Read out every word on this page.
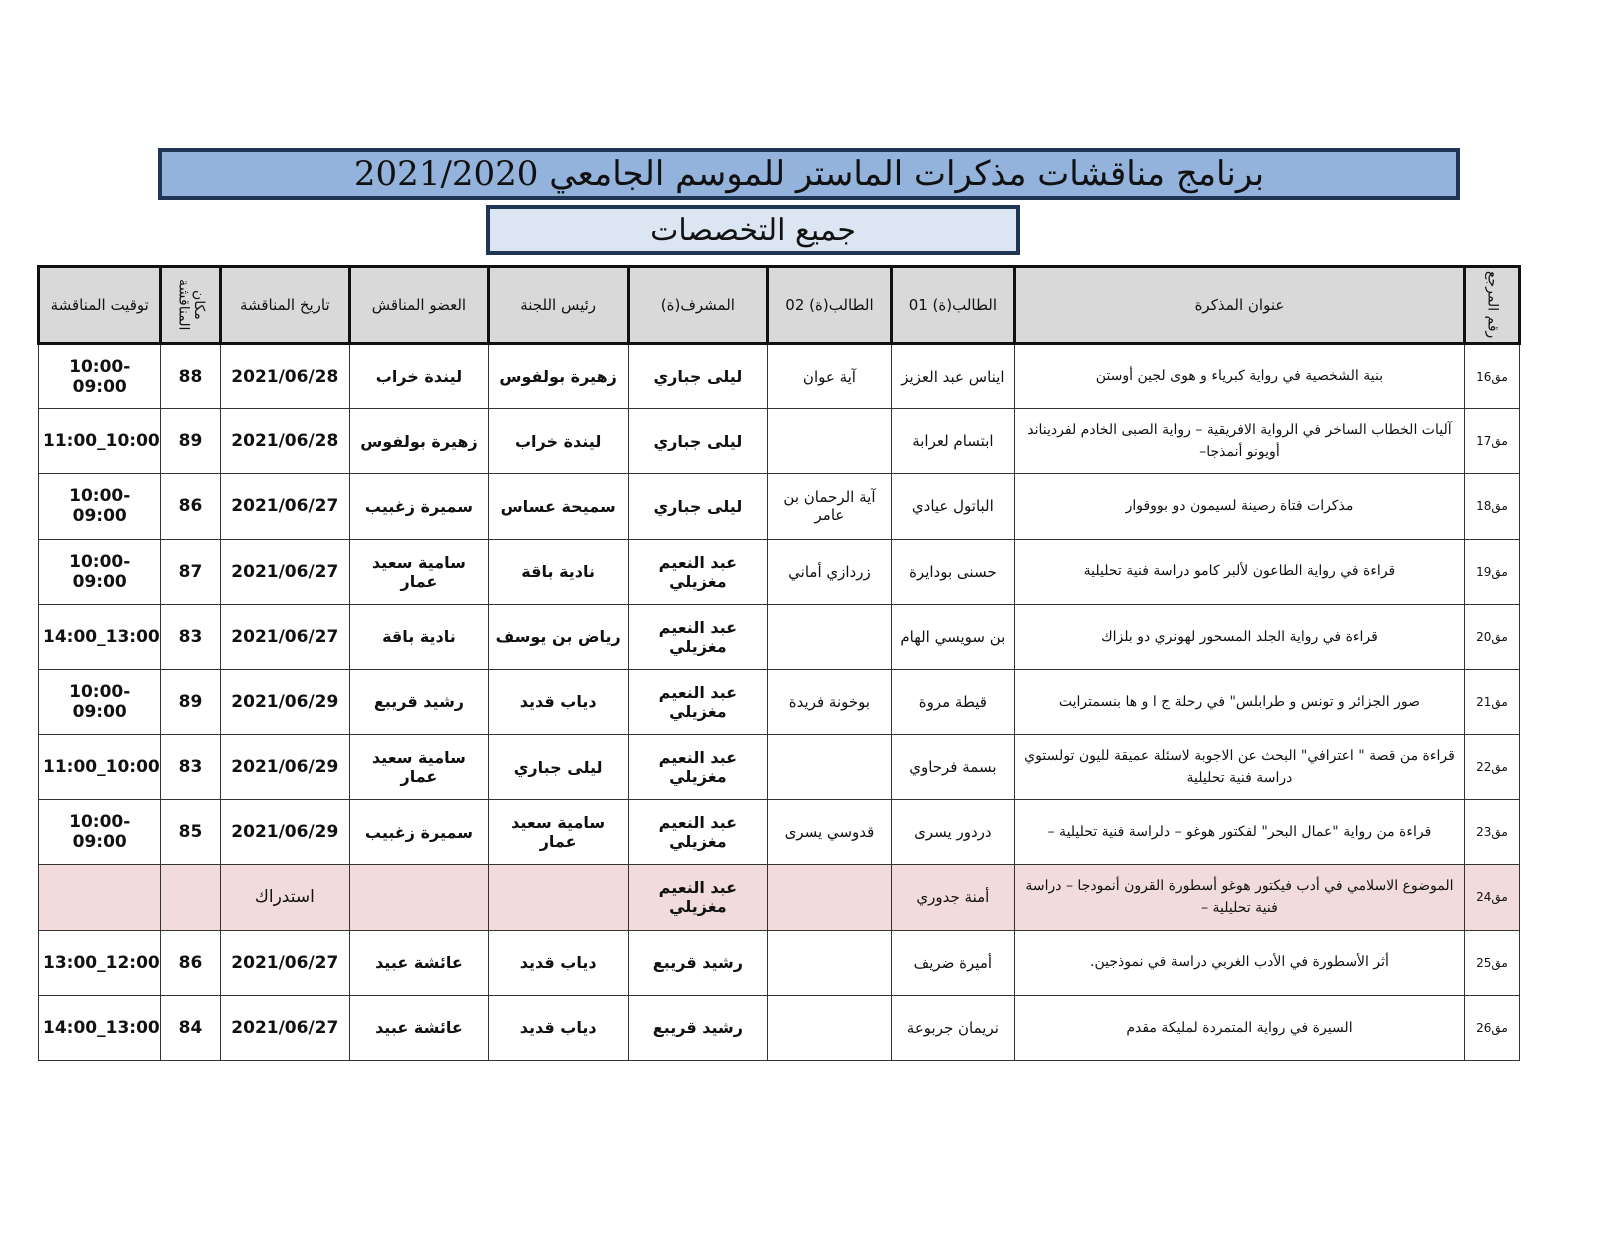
برنامج مناقشات مذكرات الماستر للموسم الجامعي 2021/2020
جميع التخصصات
توقيت المناقشة	مكان المناقشة	تاريخ المناقشة	العضو المناقش	رئيس اللجنة	المشرف(ة)	الطالب(ة) 02	الطالب(ة) 01	عنوان المذكرة	رقم المرجع

10:00-09:00	88	2021/06/28	ليندة خراب	زهيرة بولفوس	ليلى جباري	آية عوان	ايناس عبد العزيز	بنية الشخصية في رواية كبرياء و هوى لجين أوستن	مق16
11:00_10:00	89	2021/06/28	زهيرة بولفوس	ليندة خراب	ليلى جباري		ابتسام لعرابة	آليات الخطاب الساخر في الرواية الافريقية – رواية الصبى الخادم لفرديناند أويونو أنمذجا–	مق17
10:00-09:00	86	2021/06/27	سميرة زغبيب	سميحة عساس	ليلى جباري	آية الرحمان بن عامر	الباتول عيادي	مذكرات فتاة رصينة لسيمون دو بووفوار	مق18
10:00-09:00	87	2021/06/27	سامية سعيد عمار	نادية باقة	عبد النعيم مغزيلي	زردازي أماني	حسنى بودايرة	قراءة في رواية الطاعون لألبر كامو دراسة فنية تحليلية	مق19
14:00_13:00	83	2021/06/27	نادية باقة	رياض بن يوسف	عبد النعيم مغزيلي		بن سويسي الهام	قراءة في رواية الجلد المسحور لهونري دو بلزاك	مق20
10:00-09:00	89	2021/06/29	رشيد قريبع	دياب قديد	عبد النعيم مغزيلي	بوخونة فريدة	قيطة مروة	صور الجزائر و تونس و طرابلس" في رحلة ج ا و ها بنسمترايت	مق21
11:00_10:00	83	2021/06/29	سامية سعيد عمار	ليلى جباري	عبد النعيم مغزيلي		بسمة فرحاوي	قراءة من قصة " اعترافي" البحث عن الاجوبة لاسئلة عميقة لليون تولستوي دراسة فنية تحليلية	مق22
10:00-09:00	85	2021/06/29	سميرة زغبيب	سامية سعيد عمار	عبد النعيم مغزيلي	قدوسي يسرى	دردور يسرى	قراءة من رواية "عمال البحر" لفكتور هوغو – دلراسة فنية تحليلية –	مق23
		استدراك			عبد النعيم مغزيلي		أمنة جدوري	الموضوع الاسلامي في أدب فيكتور هوغو أسطورة القرون أنمودجا – دراسة فنية تحليلية –	مق24
13:00_12:00	86	2021/06/27	عائشة عبيد	دياب قديد	رشيد قريبع		أميرة ضريف	أثر الأسطورة في الأدب الغربي دراسة في نموذجين.	مق25
14:00_13:00	84	2021/06/27	عائشة عبيد	دياب قديد	رشيد قريبع		نريمان جربوعة	السيرة في رواية المتمردة لمليكة مقدم	مق26
